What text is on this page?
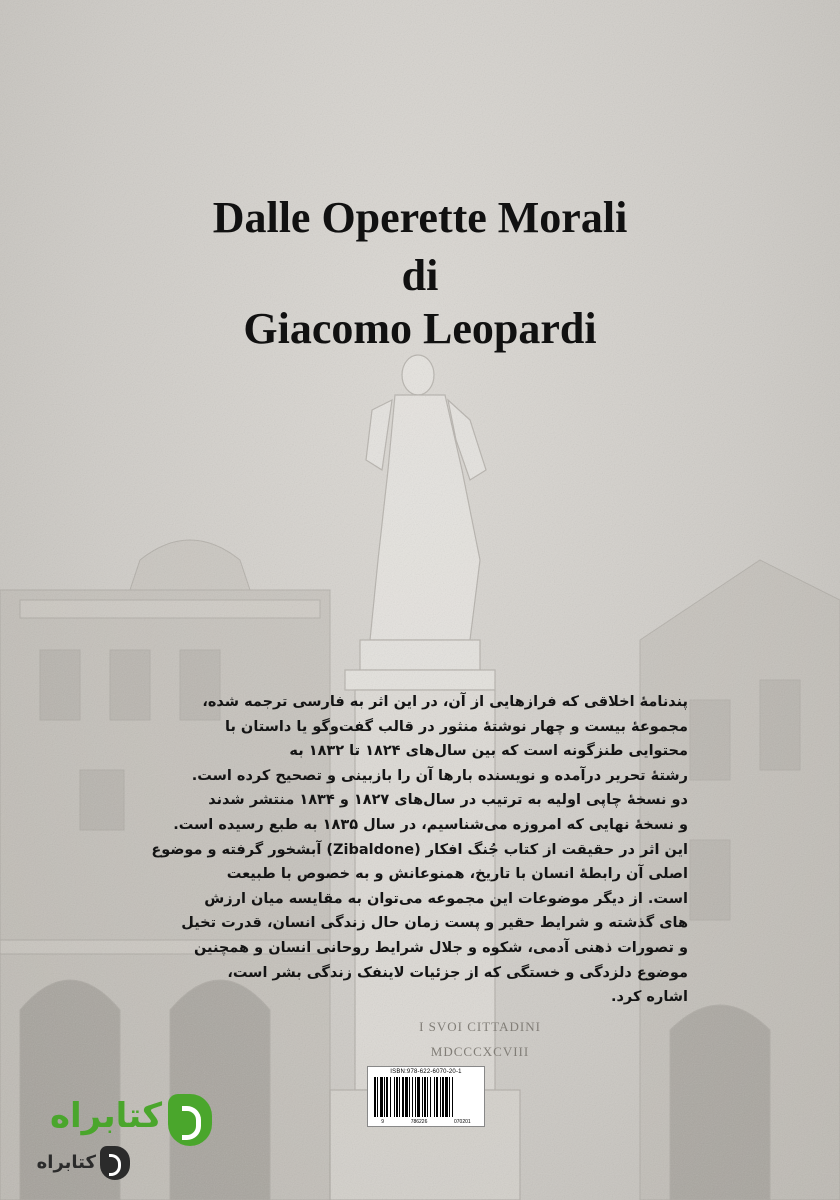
Dalle Operette Morali
di
Giacomo Leopardi
پندنامهٔ اخلاقی که فرازهایی از آن، در این اثر به فارسی ترجمه شده،
مجموعهٔ بیست و چهار نوشتهٔ منثور در قالب گفت‌وگو یا داستان با
محتوایی طنزگونه است که بین سال‌های ۱۸۲۴ تا ۱۸۳۲ به
رشتهٔ تحریر درآمده و نویسنده بارها آن را بازبینی و تصحیح کرده است.
دو نسخهٔ چاپی اولیه به ترتیب در سال‌های ۱۸۲۷ و ۱۸۳۴ منتشر شدند
و نسخهٔ نهایی که امروزه می‌شناسیم، در سال ۱۸۳۵ به طبع رسیده است.
این اثر در حقیقت از کتاب جُنگ افکار (Zibaldone) آبشخور گرفته و موضوع
اصلی آن رابطهٔ انسان با تاریخ، همنوعانش و به خصوص با طبیعت
است. از دیگر موضوعات این مجموعه می‌توان به مقایسه میان ارزش
های گذشته و شرایط حقیر و پست زمان حال زندگی انسان، قدرت تخیل
و تصورات ذهنی آدمی، شکوه و جلال شرایط روحانی انسان و همچنین
موضوع دلزدگی و خستگی که از جزئیات لاینفک زندگی بشر است،
اشاره کرد.
ISBN:978-622-6070-20-1
9	786226	070201
کتابراه
کتابراه
